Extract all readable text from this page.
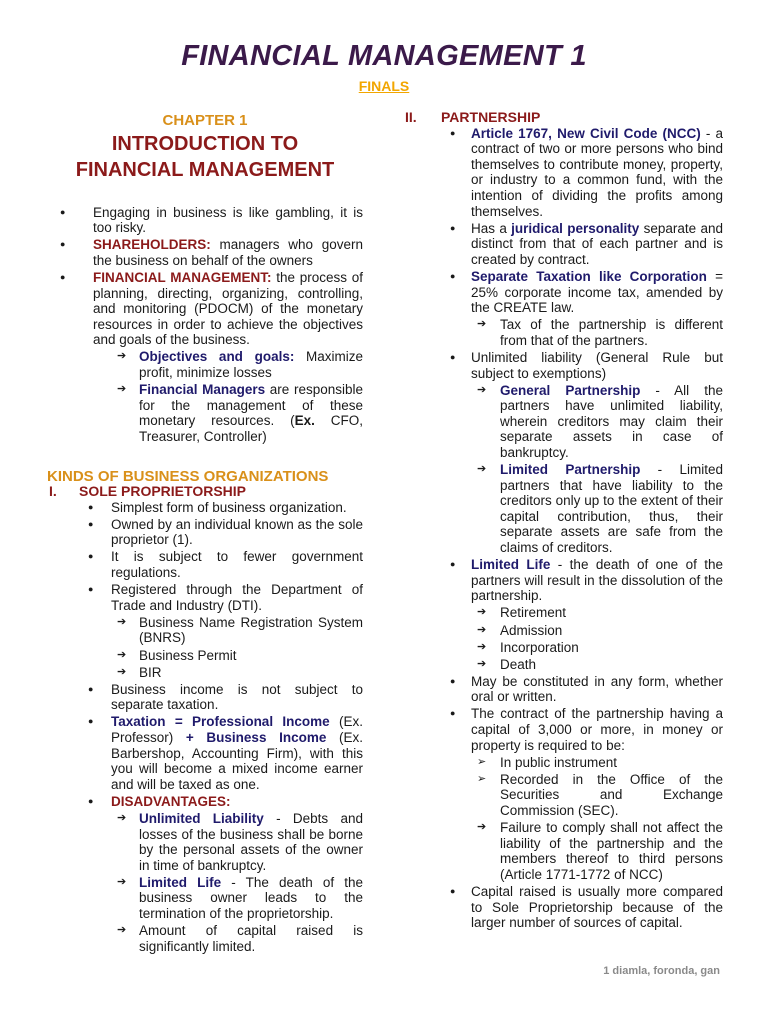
FINANCIAL MANAGEMENT 1
FINALS
CHAPTER 1
INTRODUCTION TO
FINANCIAL MANAGEMENT
● Engaging in business is like gambling, it is too risky.
● SHAREHOLDERS: managers who govern the business on behalf of the owners
● FINANCIAL MANAGEMENT: the process of planning, directing, organizing, controlling, and monitoring (PDOCM) of the monetary resources in order to achieve the objectives and goals of the business.
➔ Objectives and goals: Maximize profit, minimize losses
➔ Financial Managers are responsible for the management of these monetary resources. (Ex. CFO, Treasurer, Controller)
KINDS OF BUSINESS ORGANIZATIONS
I. SOLE PROPRIETORSHIP
● Simplest form of business organization.
● Owned by an individual known as the sole proprietor (1).
● It is subject to fewer government regulations.
● Registered through the Department of Trade and Industry (DTI).
➔ Business Name Registration System (BNRS)
➔ Business Permit
➔ BIR
● Business income is not subject to separate taxation.
● Taxation = Professional Income (Ex. Professor) + Business Income (Ex. Barbershop, Accounting Firm), with this you will become a mixed income earner and will be taxed as one.
● DISADVANTAGES:
➔ Unlimited Liability - Debts and losses of the business shall be borne by the personal assets of the owner in time of bankruptcy.
➔ Limited Life - The death of the business owner leads to the termination of the proprietorship.
➔ Amount of capital raised is significantly limited.
II. PARTNERSHIP
● Article 1767, New Civil Code (NCC) - a contract of two or more persons who bind themselves to contribute money, property, or industry to a common fund, with the intention of dividing the profits among themselves.
● Has a juridical personality separate and distinct from that of each partner and is created by contract.
● Separate Taxation like Corporation = 25% corporate income tax, amended by the CREATE law.
➔ Tax of the partnership is different from that of the partners.
● Unlimited liability (General Rule but subject to exemptions)
➔ General Partnership - All the partners have unlimited liability, wherein creditors may claim their separate assets in case of bankruptcy.
➔ Limited Partnership - Limited partners that have liability to the creditors only up to the extent of their capital contribution, thus, their separate assets are safe from the claims of creditors.
● Limited Life - the death of one of the partners will result in the dissolution of the partnership.
➔ Retirement
➔ Admission
➔ Incorporation
➔ Death
● May be constituted in any form, whether oral or written.
● The contract of the partnership having a capital of 3,000 or more, in money or property is required to be:
➢ In public instrument
➢ Recorded in the Office of the Securities and Exchange Commission (SEC).
➔ Failure to comply shall not affect the liability of the partnership and the members thereof to third persons (Article 1771-1772 of NCC)
● Capital raised is usually more compared to Sole Proprietorship because of the larger number of sources of capital.
1 diamla, foronda, gan
